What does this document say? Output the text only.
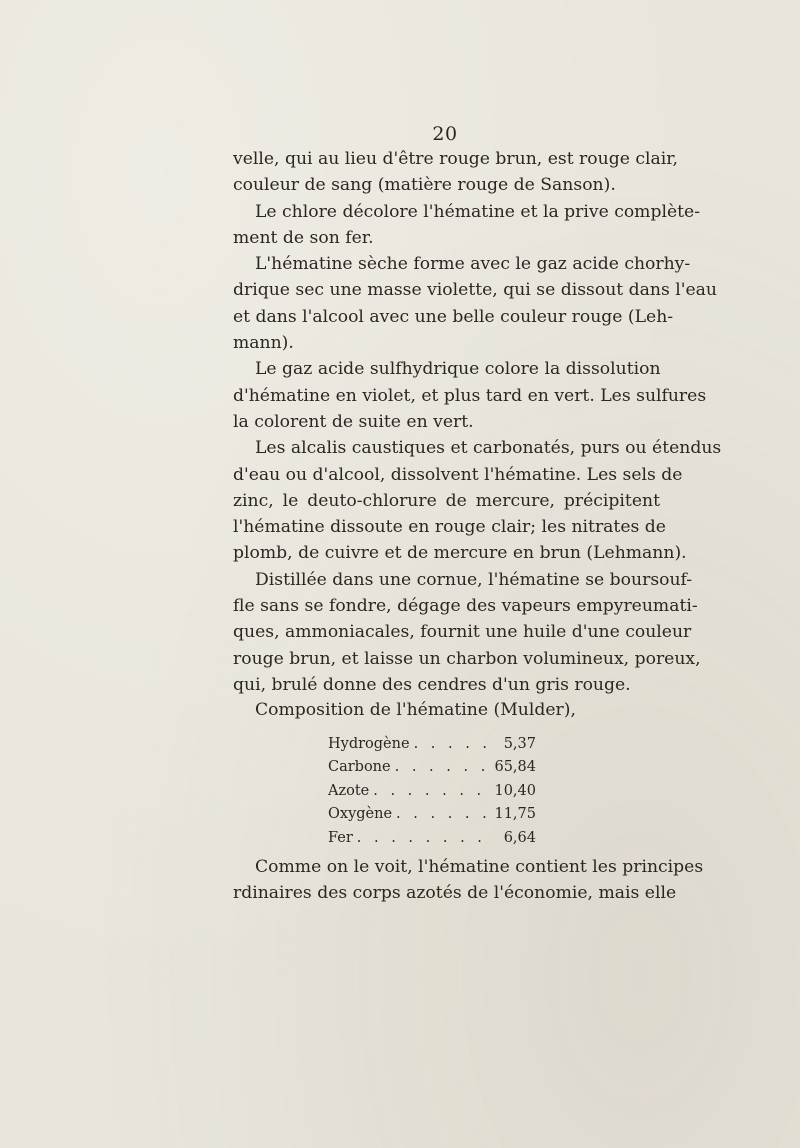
20
velle, qui au lieu d'être rouge brun, est rouge clair,
couleur de sang (matière rouge de Sanson).
Le chlore décolore l'hématine et la prive complète-
ment de son fer.
L'hématine sèche forme avec le gaz acide chorhy-
drique sec une masse violette, qui se dissout dans l'eau
et dans l'alcool avec une belle couleur rouge (Leh-
mann).
Le gaz acide sulfhydrique colore la dissolution
d'hématine en violet, et plus tard en vert. Les sulfures
la colorent de suite en vert.
Les alcalis caustiques et carbonatés, purs ou étendus
d'eau ou d'alcool, dissolvent l'hématine. Les sels de
zinc, le deuto-chlorure de mercure, précipitent
l'hématine dissoute en rouge clair; les nitrates de
plomb, de cuivre et de mercure en brun (Lehmann).
Distillée dans une cornue, l'hématine se boursouf-
fle sans se fondre, dégage des vapeurs empyreumati-
ques, ammoniacales, fournit une huile d'une couleur
rouge brun, et laisse un charbon volumineux, poreux,
qui, brulé donne des cendres d'un gris rouge.
Composition de l'hématine (Mulder),
Hydrogène . . .	5,37
Carbone . . .	65,84
Azote . . .	10,40
Oxygène . . .	11,75
Fer . . .	6,64
Comme on le voit, l'hématine contient les principes
rdinaires des corps azotés de l'économie, mais elle
